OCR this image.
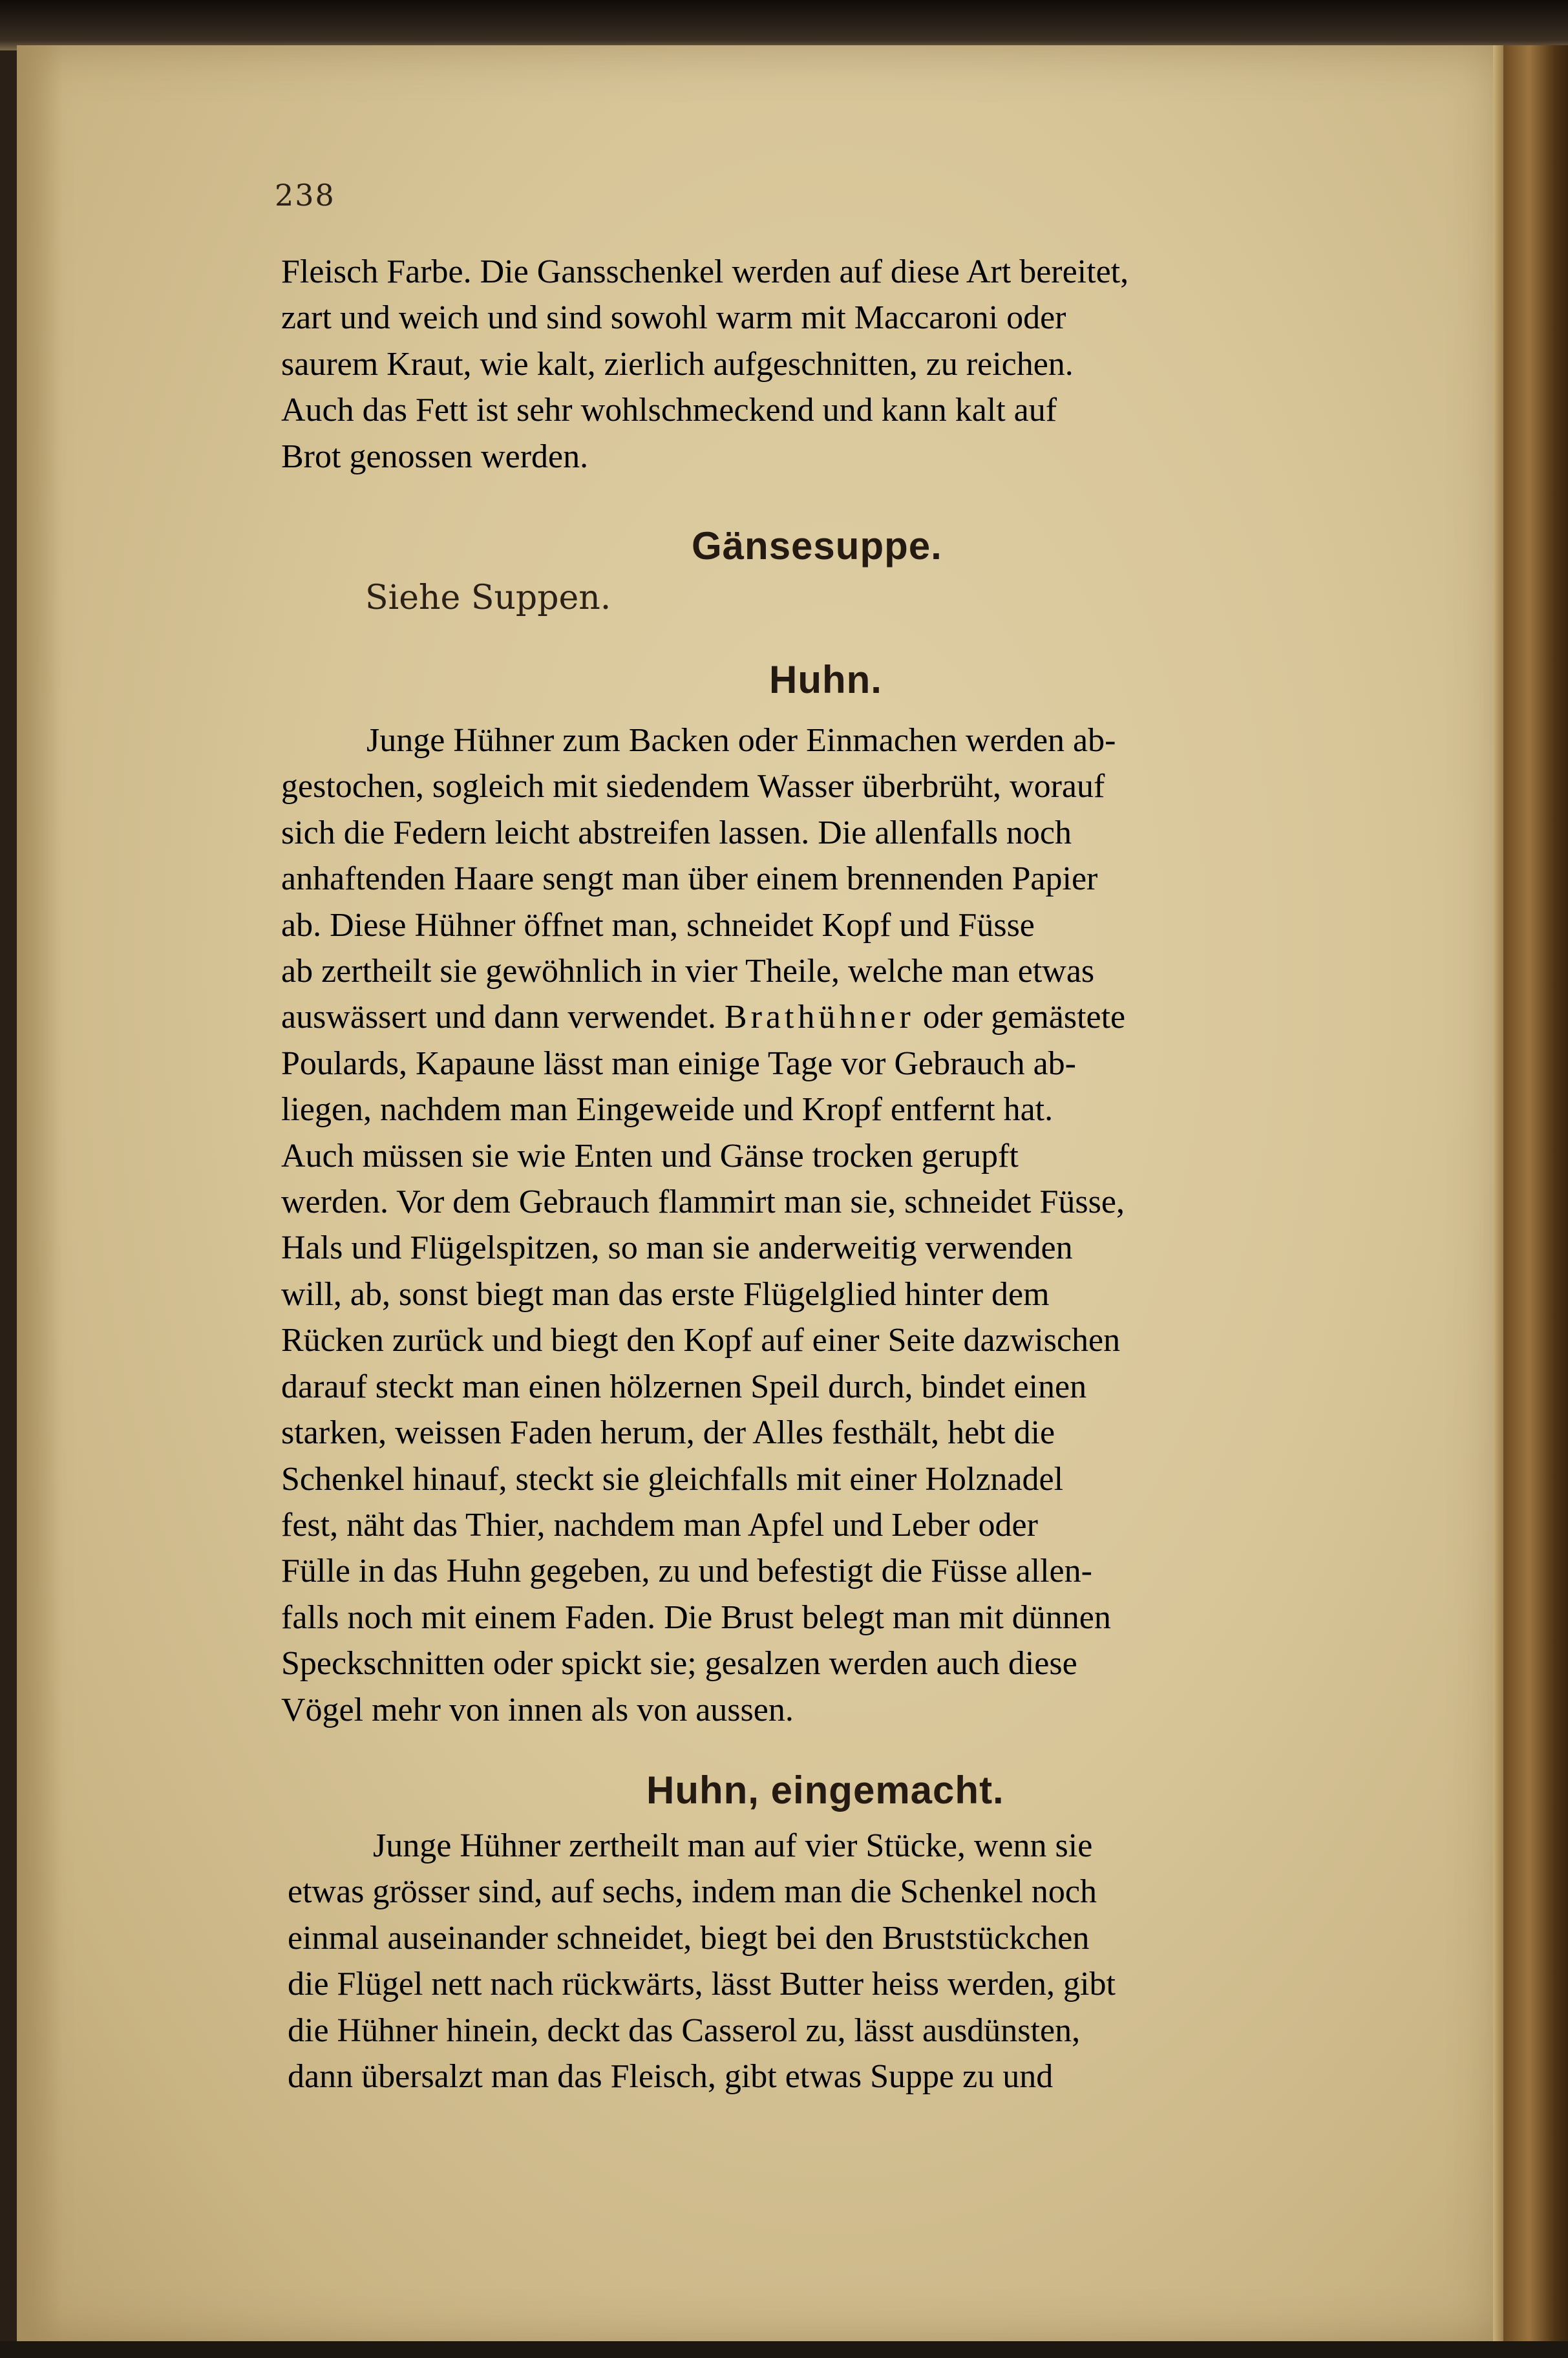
238

Fleisch Farbe. Die Gansschenkel werden auf diese Art bereitet,

zart und weich und sind sowohl warm mit Maccaroni oder

saurem Kraut, wie kalt, zierlich aufgeschnitten, zu reichen.

Auch das Fett ist sehr wohlschmeckend und kann kalt auf

Brot genossen werden.

Gänsesuppe.
Siehe Suppen.
Huhn.

Junge Hühner zum Backen oder Einmachen werden ab-

gestochen, sogleich mit siedendem Wasser überbrüht, worauf

sich die Federn leicht abstreifen lassen. Die allenfalls noch

anhaftenden Haare sengt man über einem brennenden Papier

ab. Diese Hühner öffnet man, schneidet Kopf und Füsse

ab zertheilt sie gewöhnlich in vier Theile, welche man etwas

auswässert und dann verwendet. Brathühner oder gemästete

Poulards, Kapaune lässt man einige Tage vor Gebrauch ab-

liegen, nachdem man Eingeweide und Kropf entfernt hat.

Auch müssen sie wie Enten und Gänse trocken gerupft

werden. Vor dem Gebrauch flammirt man sie, schneidet Füsse,

Hals und Flügelspitzen, so man sie anderweitig verwenden

will, ab, sonst biegt man das erste Flügelglied hinter dem

Rücken zurück und biegt den Kopf auf einer Seite dazwischen

darauf steckt man einen hölzernen Speil durch, bindet einen

starken, weissen Faden herum, der Alles festhält, hebt die

Schenkel hinauf, steckt sie gleichfalls mit einer Holznadel

fest, näht das Thier, nachdem man Apfel und Leber oder

Fülle in das Huhn gegeben, zu und befestigt die Füsse allen-

falls noch mit einem Faden. Die Brust belegt man mit dünnen

Speckschnitten oder spickt sie; gesalzen werden auch diese

Vögel mehr von innen als von aussen.

Huhn, eingemacht.

Junge Hühner zertheilt man auf vier Stücke, wenn sie

etwas grösser sind, auf sechs, indem man die Schenkel noch

einmal auseinander schneidet, biegt bei den Bruststückchen

die Flügel nett nach rückwärts, lässt Butter heiss werden, gibt

die Hühner hinein, deckt das Casserol zu, lässt ausdünsten,

dann übersalzt man das Fleisch, gibt etwas Suppe zu und
